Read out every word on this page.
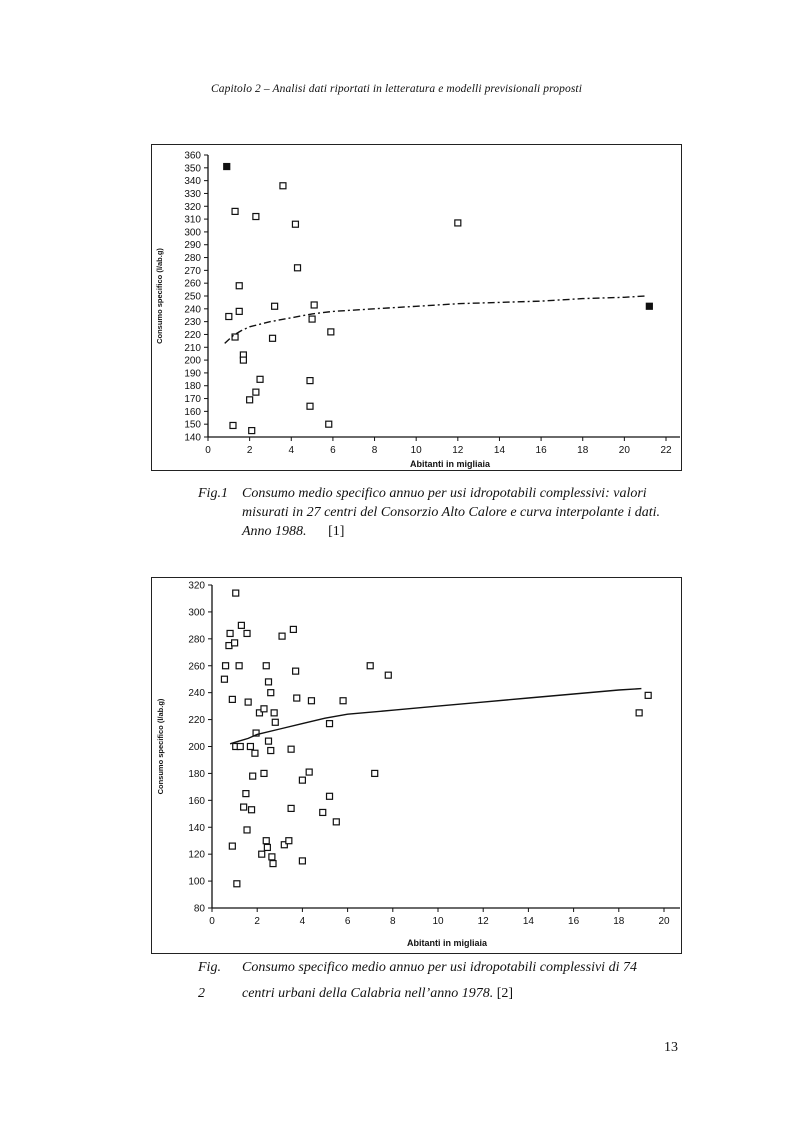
Capitolo 2 – Analisi dati riportati in letteratura e modelli previsionali proposti
140
150
160
170
180
190
200
210
220
230
240
250
260
270
280
290
300
310
320
330
340
350
360
0	2	4	6	8	10	12	14	16	18	20	22
Abitanti in migliaia
Consumo specifico (l/ab.g)
Fig.1 Consumo medio specifico annuo per usi idropotabili complessivi: valori misurati in 27 centri del Consorzio Alto Calore e curva interpolante i dati. Anno 1988. [1]
80
100
120
140
160
180
200
220
240
260
280
300
320
0	2	4	6	8	10	12	14	16	18	20
Abitanti in migliaia
Consumo specifico (l/ab.g)
Fig. 2
Consumo specifico medio annuo per usi idropotabili complessivi di 74 centri urbani della Calabria nell’anno 1978. [2]
13
